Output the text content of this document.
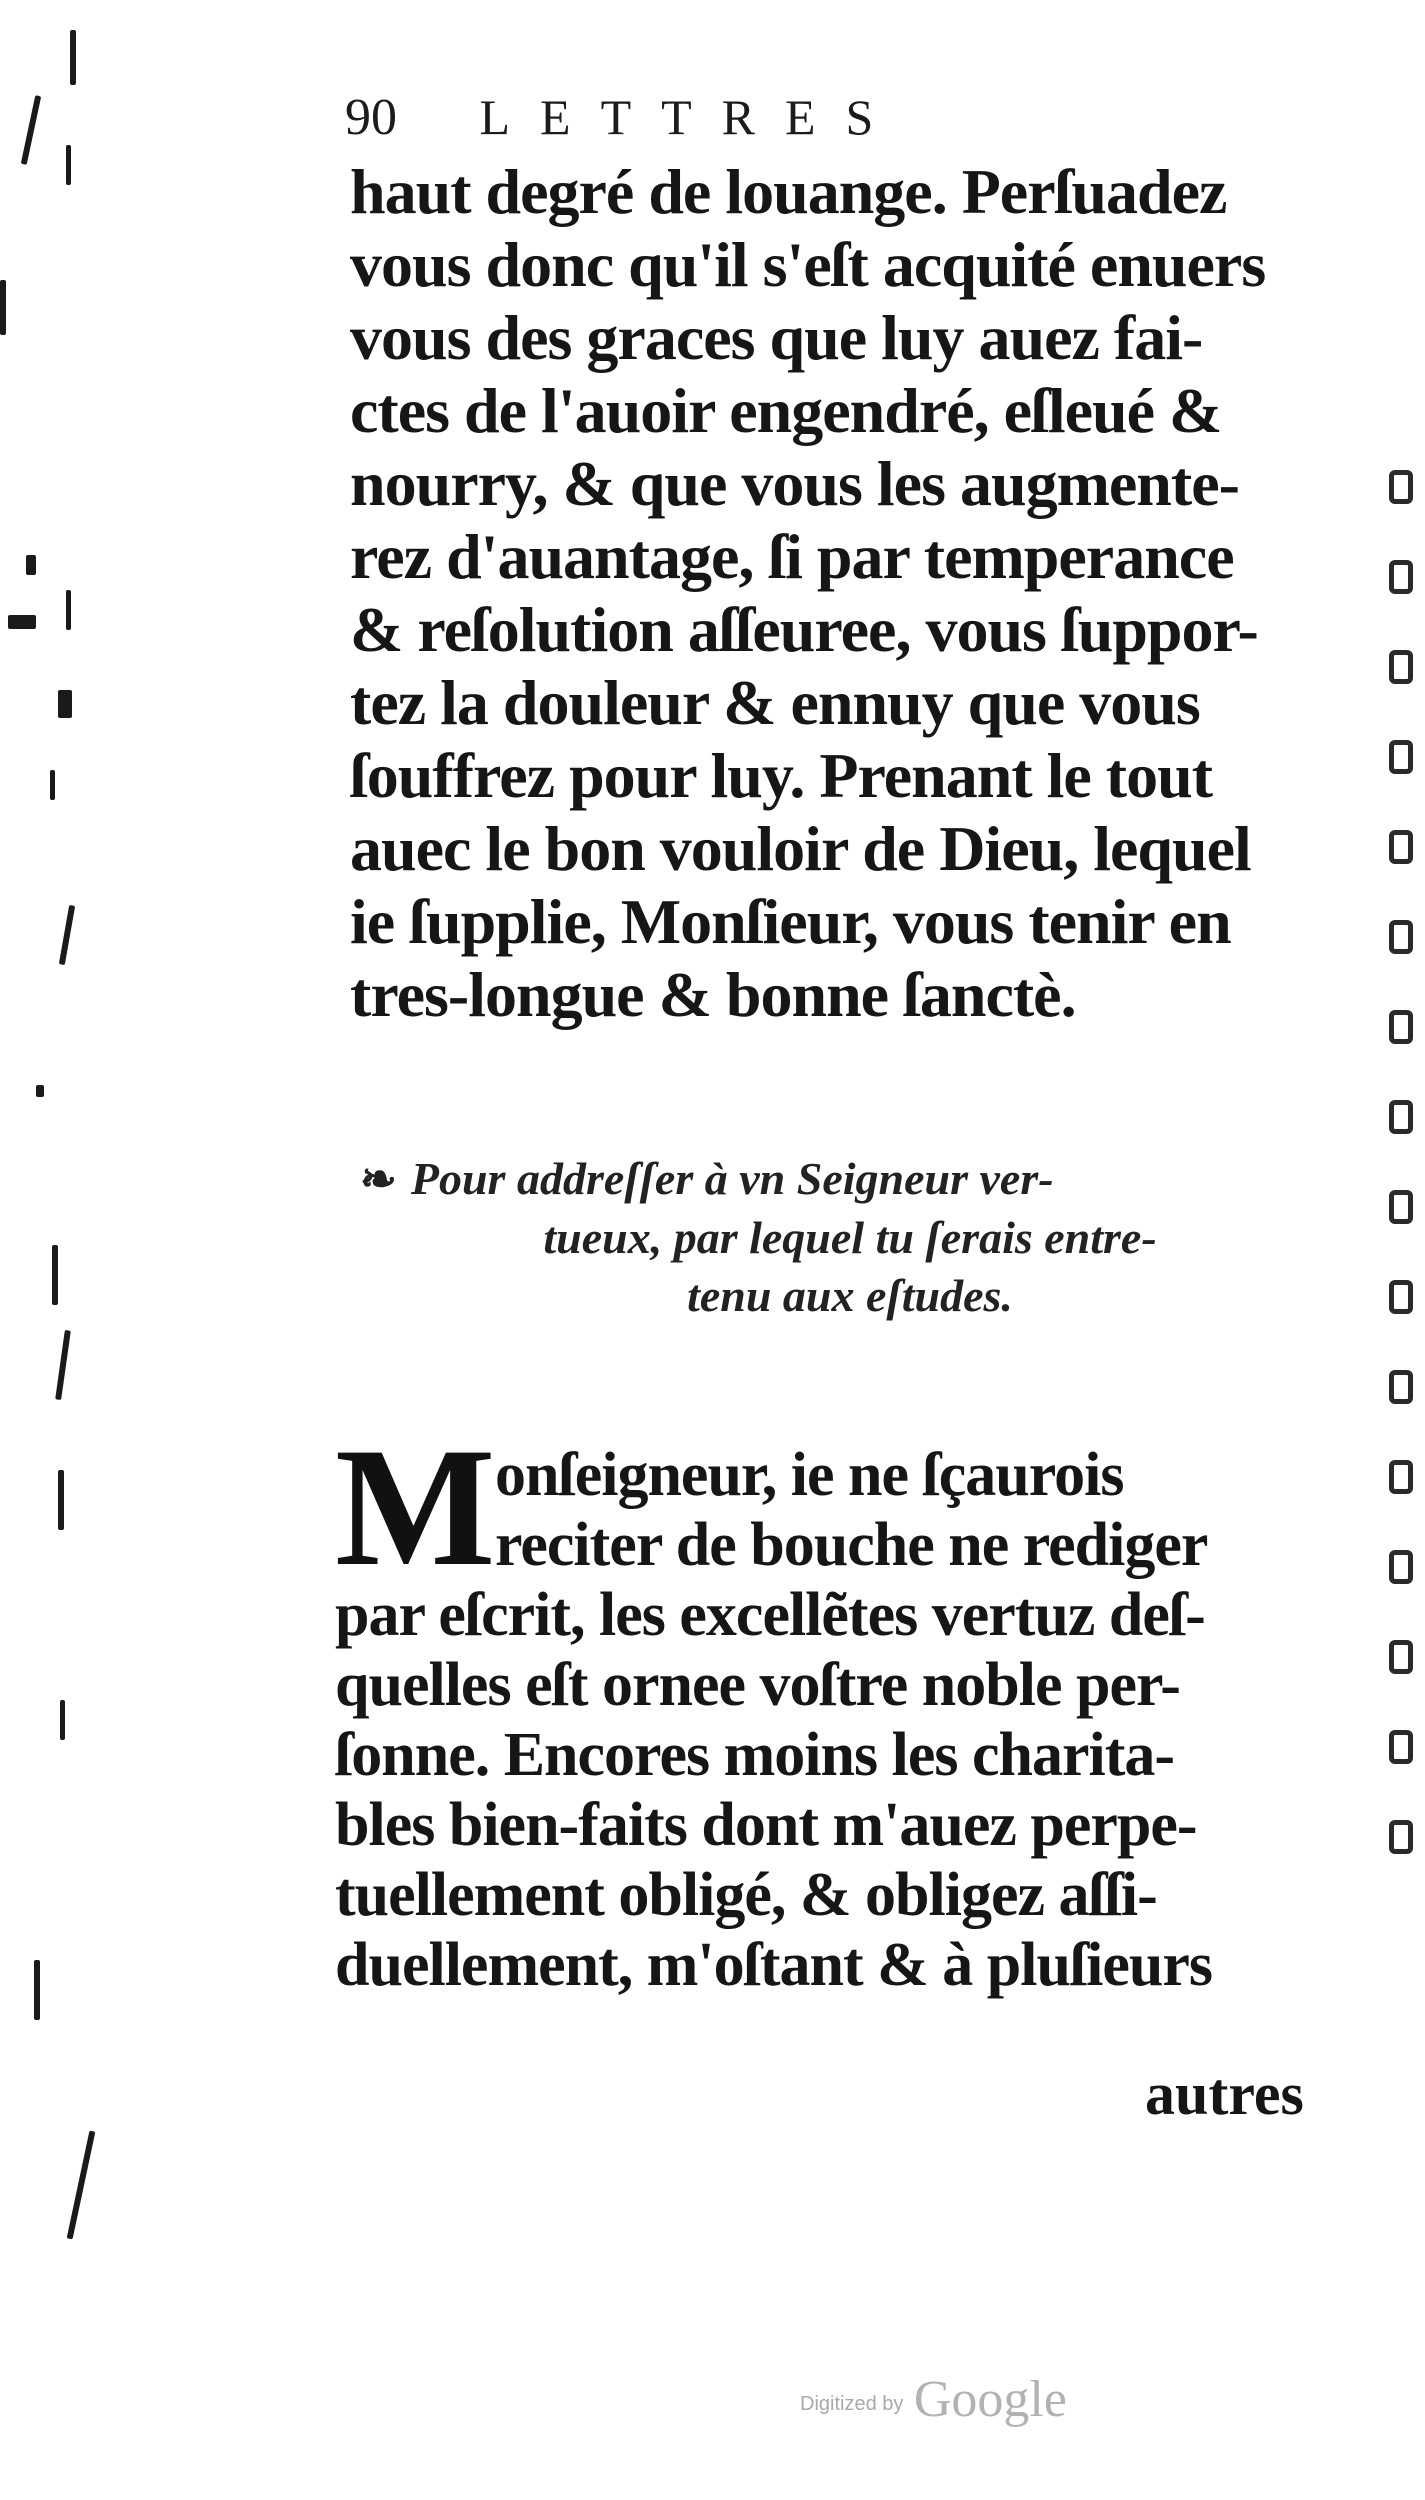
90 LETTRES
haut degré de louange. Perſuadez
vous donc qu'il s'eſt acquité enuers
vous des graces que luy auez fai-
ctes de l'auoir engendré, eſleué &
nourry, & que vous les augmente-
rez d'auantage, ſi par temperance
& reſolution aſſeuree, vous ſuppor-
tez la douleur & ennuy que vous
ſouffrez pour luy. Prenant le tout
auec le bon vouloir de Dieu, lequel
ie ſupplie, Monſieur, vous tenir en
tres-longue & bonne ſanctè.
❧ Pour addreſſer à vn Seigneur ver-
tueux, par lequel tu ſerais entre-
tenu aux eſtudes.
M onſeigneur, ie ne ſçaurois
reciter de bouche ne rediger
par eſcrit, les excellẽtes vertuz deſ-
quelles eſt ornee voſtre noble per-
ſonne. Encores moins les charita-
bles bien-faits dont m'auez perpe-
tuellement obligé, & obligez aſſi-
duellement, m'oſtant & à pluſieurs
autres
Digitized by Google
